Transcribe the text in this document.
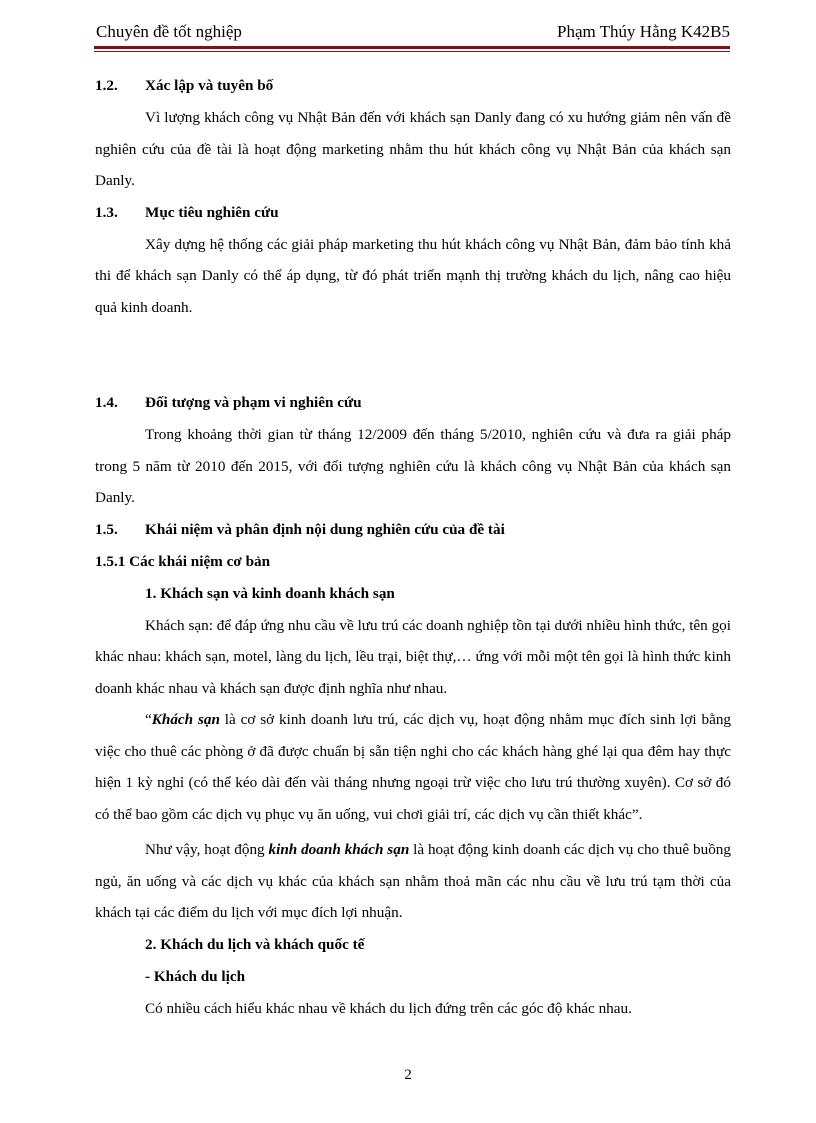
Chuyên đề tốt nghiệp	Phạm Thúy Hằng K42B5
1.2. Xác lập và tuyên bố
Vì lượng khách công vụ Nhật Bản đến với khách sạn Danly đang có xu hướng giảm nên vấn đề nghiên cứu của đề tài là hoạt động marketing nhằm thu hút khách công vụ Nhật Bản của khách sạn Danly.
1.3. Mục tiêu nghiên cứu
Xây dựng hệ thống các giải pháp marketing thu hút khách công vụ Nhật Bản, đảm bảo tính khả thi để khách sạn Danly có thể áp dụng, từ đó phát triển mạnh thị trường khách du lịch, nâng cao hiệu quả kinh doanh.
1.4. Đối tượng và phạm vi nghiên cứu
Trong khoảng thời gian từ tháng 12/2009 đến tháng 5/2010, nghiên cứu và đưa ra giải pháp trong 5 năm từ 2010 đến 2015, với đối tượng nghiên cứu là khách công vụ Nhật Bản của khách sạn Danly.
1.5. Khái niệm và phân định nội dung nghiên cứu của đề tài
1.5.1 Các khái niệm cơ bản
1. Khách sạn và kinh doanh khách sạn
Khách sạn: để đáp ứng nhu cầu về lưu trú các doanh nghiệp tồn tại dưới nhiều hình thức, tên gọi khác nhau: khách sạn, motel, làng du lịch, lều trại, biệt thự,… ứng với mỗi một tên gọi là hình thức kinh doanh khác nhau và khách sạn được định nghĩa như nhau.
“Khách sạn là cơ sở kinh doanh lưu trú, các dịch vụ, hoạt động nhằm mục đích sinh lợi bằng việc cho thuê các phòng ở đã được chuẩn bị sẵn tiện nghi cho các khách hàng ghé lại qua đêm hay thực hiện 1 kỳ nghỉ (có thể kéo dài đến vài tháng nhưng ngoại trừ việc cho lưu trú thường xuyên). Cơ sở đó có thể bao gồm các dịch vụ phục vụ ăn uống, vui chơi giải trí, các dịch vụ cần thiết khác”.
Như vậy, hoạt động kinh doanh khách sạn là hoạt động kinh doanh các dịch vụ cho thuê buồng ngủ, ăn uống và các dịch vụ khác của khách sạn nhằm thoả mãn các nhu cầu về lưu trú tạm thời của khách tại các điểm du lịch với mục đích lợi nhuận.
2. Khách du lịch và khách quốc tế
- Khách du lịch
Có nhiều cách hiểu khác nhau về khách du lịch đứng trên các góc độ khác nhau.
2
